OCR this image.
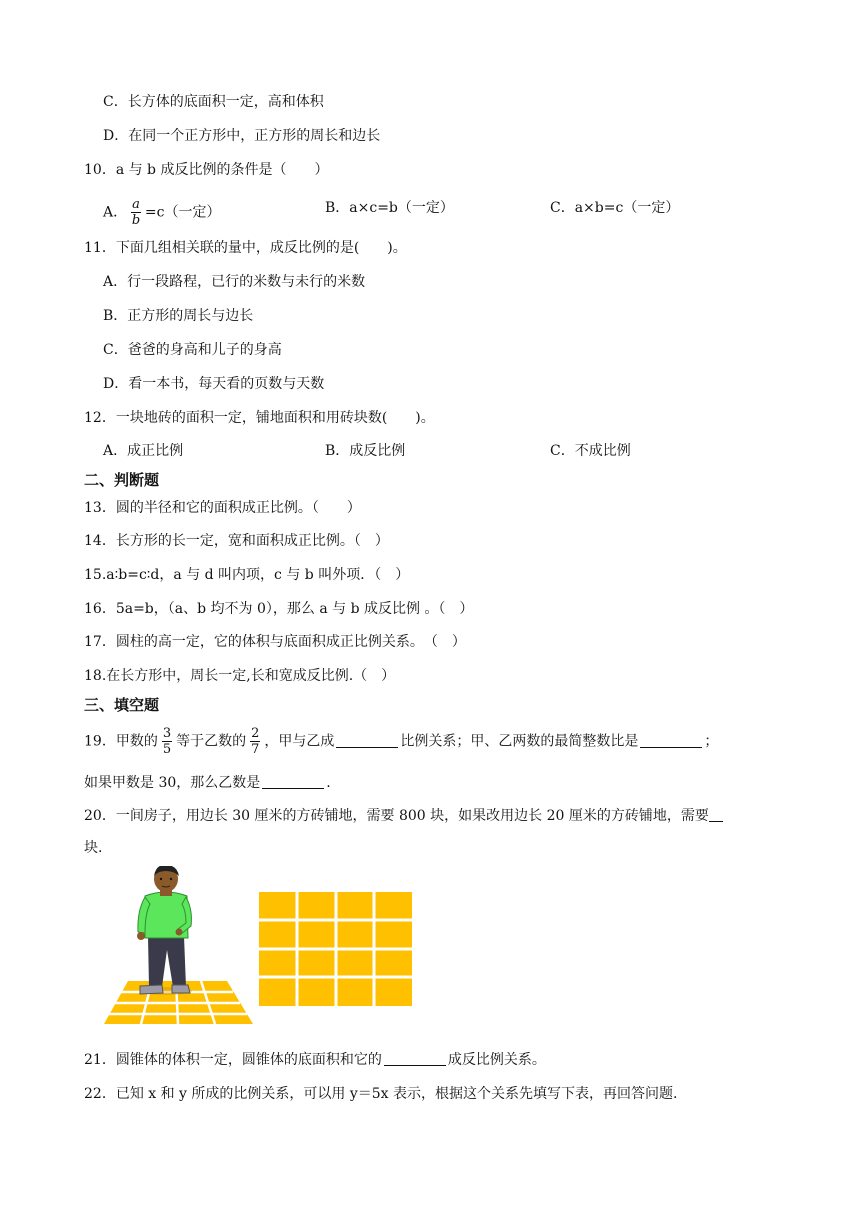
C．长方体的底面积一定，高和体积
D．在同一个正方形中，正方形的周长和边长
10．a 与 b 成反比例的条件是（　　）
A． $\frac{a}{b} =c$（一定）	B．a×c=b（一定）	C．a×b=c（一定）
11．下面几组相关联的量中，成反比例的是(　　)。
A．行一段路程，已行的米数与未行的米数
B．正方形的周长与边长
C．爸爸的身高和儿子的身高
D．看一本书，每天看的页数与天数
12．一块地砖的面积一定，铺地面积和用砖块数(　　)。
A．成正比例	B．成反比例	C．不成比例
二、判断题
13．圆的半径和它的面积成正比例。（　　）
14．长方形的长一定，宽和面积成正比例。（　）
15.a∶b=c∶d，a 与 d 叫内项，c 与 b 叫外项．（　）
16．5a=b，（a、b 均不为 0），那么 a 与 b 成反比例 。（　）
17．圆柱的高一定，它的体积与底面积成正比例关系。　（　）
18.在长方形中，周长一定,长和宽成反比例.（　）
三、填空题
19．甲数的 $\frac{3}{5}$ 等于乙数的 $\frac{2}{7}$ ，甲与乙成	比例关系；甲、乙两数的最简整数比是	；
如果甲数是 30，那么乙数是	.
20．一间房子，用边长 30 厘米的方砖铺地，需要 800 块，如果改用边长 20 厘米的方砖铺地，需要
块.
21．圆锥体的体积一定，圆锥体的底面积和它的	成反比例关系。
22．已知 x 和 y 所成的比例关系，可以用 y＝5x 表示，根据这个关系先填写下表，再回答问题.
